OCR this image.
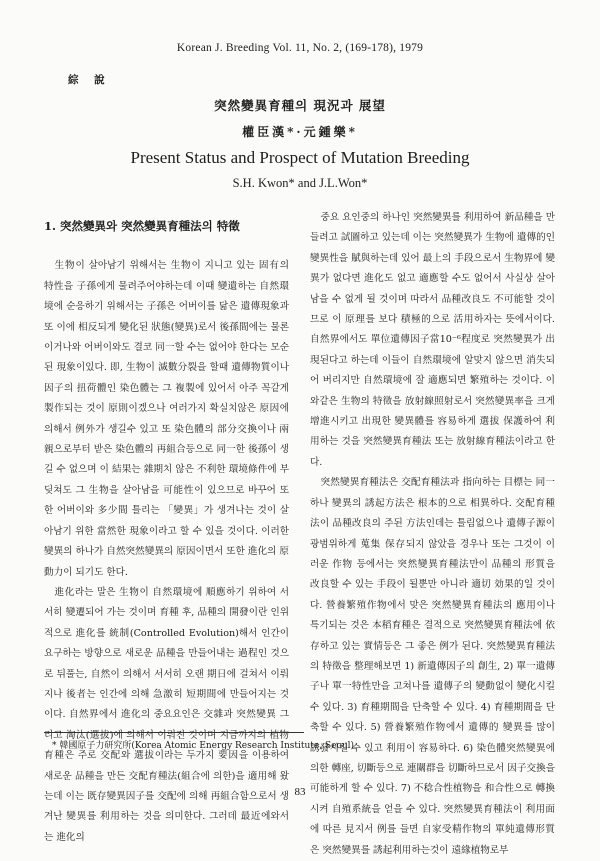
Korean J. Breeding Vol. 11, No. 2, (169-178), 1979
綜 說
突然變異育種의 現況과 展望
權臣漢*·元鍾樂*
Present Status and Prospect of Mutation Breeding
S.H. Kwon* and J.L.Won*
1. 突然變異와 突然變異育種法의 特徵

生物이 살아남기 위해서는 生物이 지니고 있는 固有의 特性을 子孫에게 물려주어야하는데 이때 變遺하는 自然環境에 순응하기 위해서는 子孫은 어버이를 닮은 遺傳現象과 또 이에 相反되게 變化된 狀態(變異)로서 後孫間에는 물론이거나와 어버이와도 결코 同一할 수는 없어야 한다는 모순된 現象이있다. 即, 生物이 滅數分裂을 할때 遺傳物質이나 因子의 扭荷體인 染色體는 그 複製에 있어서 아주 꼭같게 製作되는 것이 原則이겠으나 여러가지 확실치않은 原因에 의해서 例外가 생길수 있고 또 染色體의 部分交換이나 兩親으로부터 받은 染色體의 再組合등으로 同一한 後孫이 생길 수 없으며 이 結果는 雜期치 않은 不利한 環境條件에 부딪쳐도 그 生物을 살아남을 可能性이 있으므로 바꾸어 또한 어버이와 多少間 틀리는 「變異」가 생겨나는 것이 살아남기 위한 當然한 現象이라고 할 수 있을 것이다. 이러한 變異의 하나가 自然突然變異의 原因이면서 또한 進化의 原動力이 되기도 한다.

進化라는 말은 生物이 自然環境에 順應하기 위하여 서서히 變遷되어 가는 것이며 育種 후, 品種의 開發이란 인위적으로 進化를 統制(Controlled Evolution)해서 인간이 요구하는 방향으로 새로운 品種을 만들어내는 過程인 것으로 뒤풀는, 自然이 의해서 서서히 오랜 期日에 걸쳐서 이뤄지나 後者는 인간에 의해 急激히 短期間에 만들어지는 것이다. 自然界에서 進化의 중요요인은 交雜과 突然變異 그리고 淘汰(選拔)에 의해서 이뤄진 것이며 지금까지의 植物育種은 주로 交配와 選拔이라는 두가지 要因을 이용하여 새로운 品種을 만든 交配育種法(組合에 의한)을 適用해 왔는데 이는 既存變異因子를 交配에 의해 再組合함으로서 생겨난 變異를 利用하는 것을 의미한다. 그러데 最近에와서는 進化의

중요 요인중의 하나인 突然變異를 利用하여 新品種을 만들려고 試圖하고 있는데 이는 突然變異가 生物에 遺傳的인 變異性을 賦與하는데 있어 最上의 手段으로서 生物界에 變異가 없다면 進化도 없고 適應할 수도 없어서 사실상 살아남을 수 없게 될 것이며 따라서 品種改良도 不可能할 것이므로 이 原理를 보다 積極的으로 活用하자는 뜻에서이다. 自然界에서도 單位遺傳因子當10⁻⁶程度로 突然變異가 出現된다고 하는데 이들이 自然環境에 알맞지 않으면 消失되어 버리지만 自然環境에 잘 適應되면 繁殖하는 것이다. 이와같은 生物의 特徵을 放射線照射로서 突然變異率을 크게 增進시키고 出現한 變異體를 容易하게 選拔 保護하여 利用하는 것을 突然變異育種法 또는 放射線育種法이라고 한다.

突然變異育種法은 交配育種法과 指向하는 目標는 同一하나 變異의 誘起方法은 根本的으로 相異하다. 交配育種法이 品種改良의 주된 方法인데는 틀림없으나 遺傳子源이 광범위하게 蒐集 保存되지 않았을 경우나 또는 그것이 이러운 作物 등에서는 突然變異育種法만이 品種의 形質을 改良할 수 있는 手段이 될뿐만 아니라 適切 効果的일 것이다. 營養繁殖作物에서 맞은 突然變異育種法의 應用이나 특기되는 것은 本稻育種은 결적으로 突然變異育種法에 依存하고 있는 實情등은 그 좋은 例가 된다. 突然變異育種法의 特徵을 整理해보면 1) 新遺傳因子의 創生, 2) 單一遺傳子나 單一特性만을 고쳐나를 遺傳子의 變動없이 變化시킬 수 있다. 3) 育種期間을 단축할 수 있다. 4) 育種期間을 단축할 수 있다. 5) 營養繁殖作物에서 遺傳的 變異를 많이 誘發시킬 수 있고 利用이 容易하다. 6) 染色體突然變異에 의한 轉座, 切斷등으로 連關群을 切斷하므로서 因子交換을 可能하게 할 수 있다. 7) 不稔合性植物을 和合性으로 轉換시켜 自殖系統을 얻을 수 있다. 突然變異育種法이 利用面에 따른 見지서 例를 들면 自家受精作物의 單純遺傳形質은 突然變異를 誘起利用하는것이 遠緣植物로부

* 韓國原子力研究所(Korea Atomic Energy Research Institute, Seoul)
83
